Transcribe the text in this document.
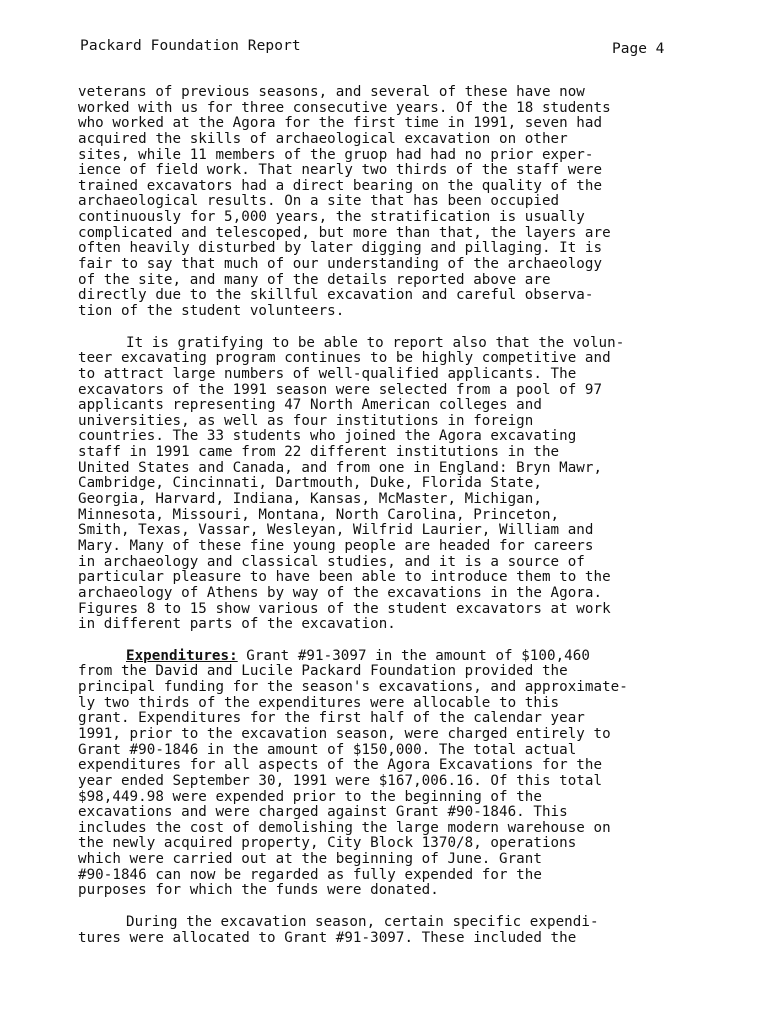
Packard Foundation Report	Page 4
veterans of previous seasons, and several of these have now
worked with us for three consecutive years. Of the 18 students
who worked at the Agora for the first time in 1991, seven had
acquired the skills of archaeological excavation on other
sites, while 11 members of the gruop had had no prior exper-
ience of field work. That nearly two thirds of the staff were
trained excavators had a direct bearing on the quality of the
archaeological results. On a site that has been occupied
continuously for 5,000 years, the stratification is usually
complicated and telescoped, but more than that, the layers are
often heavily disturbed by later digging and pillaging. It is
fair to say that much of our understanding of the archaeology
of the site, and many of the details reported above are
directly due to the skillful excavation and careful observa-
tion of the student volunteers.
It is gratifying to be able to report also that the volun-
teer excavating program continues to be highly competitive and
to attract large numbers of well-qualified applicants. The
excavators of the 1991 season were selected from a pool of 97
applicants representing 47 North American colleges and
universities, as well as four institutions in foreign
countries. The 33 students who joined the Agora excavating
staff in 1991 came from 22 different institutions in the
United States and Canada, and from one in England: Bryn Mawr,
Cambridge, Cincinnati, Dartmouth, Duke, Florida State,
Georgia, Harvard, Indiana, Kansas, McMaster, Michigan,
Minnesota, Missouri, Montana, North Carolina, Princeton,
Smith, Texas, Vassar, Wesleyan, Wilfrid Laurier, William and
Mary. Many of these fine young people are headed for careers
in archaeology and classical studies, and it is a source of
particular pleasure to have been able to introduce them to the
archaeology of Athens by way of the excavations in the Agora.
Figures 8 to 15 show various of the student excavators at work
in different parts of the excavation.
Expenditures: Grant #91-3097 in the amount of $100,460
from the David and Lucile Packard Foundation provided the
principal funding for the season's excavations, and approximate-
ly two thirds of the expenditures were allocable to this
grant. Expenditures for the first half of the calendar year
1991, prior to the excavation season, were charged entirely to
Grant #90-1846 in the amount of $150,000. The total actual
expenditures for all aspects of the Agora Excavations for the
year ended September 30, 1991 were $167,006.16. Of this total
$98,449.98 were expended prior to the beginning of the
excavations and were charged against Grant #90-1846. This
includes the cost of demolishing the large modern warehouse on
the newly acquired property, City Block 1370/8, operations
which were carried out at the beginning of June. Grant
#90-1846 can now be regarded as fully expended for the
purposes for which the funds were donated.
During the excavation season, certain specific expendi-
tures were allocated to Grant #91-3097. These included the
